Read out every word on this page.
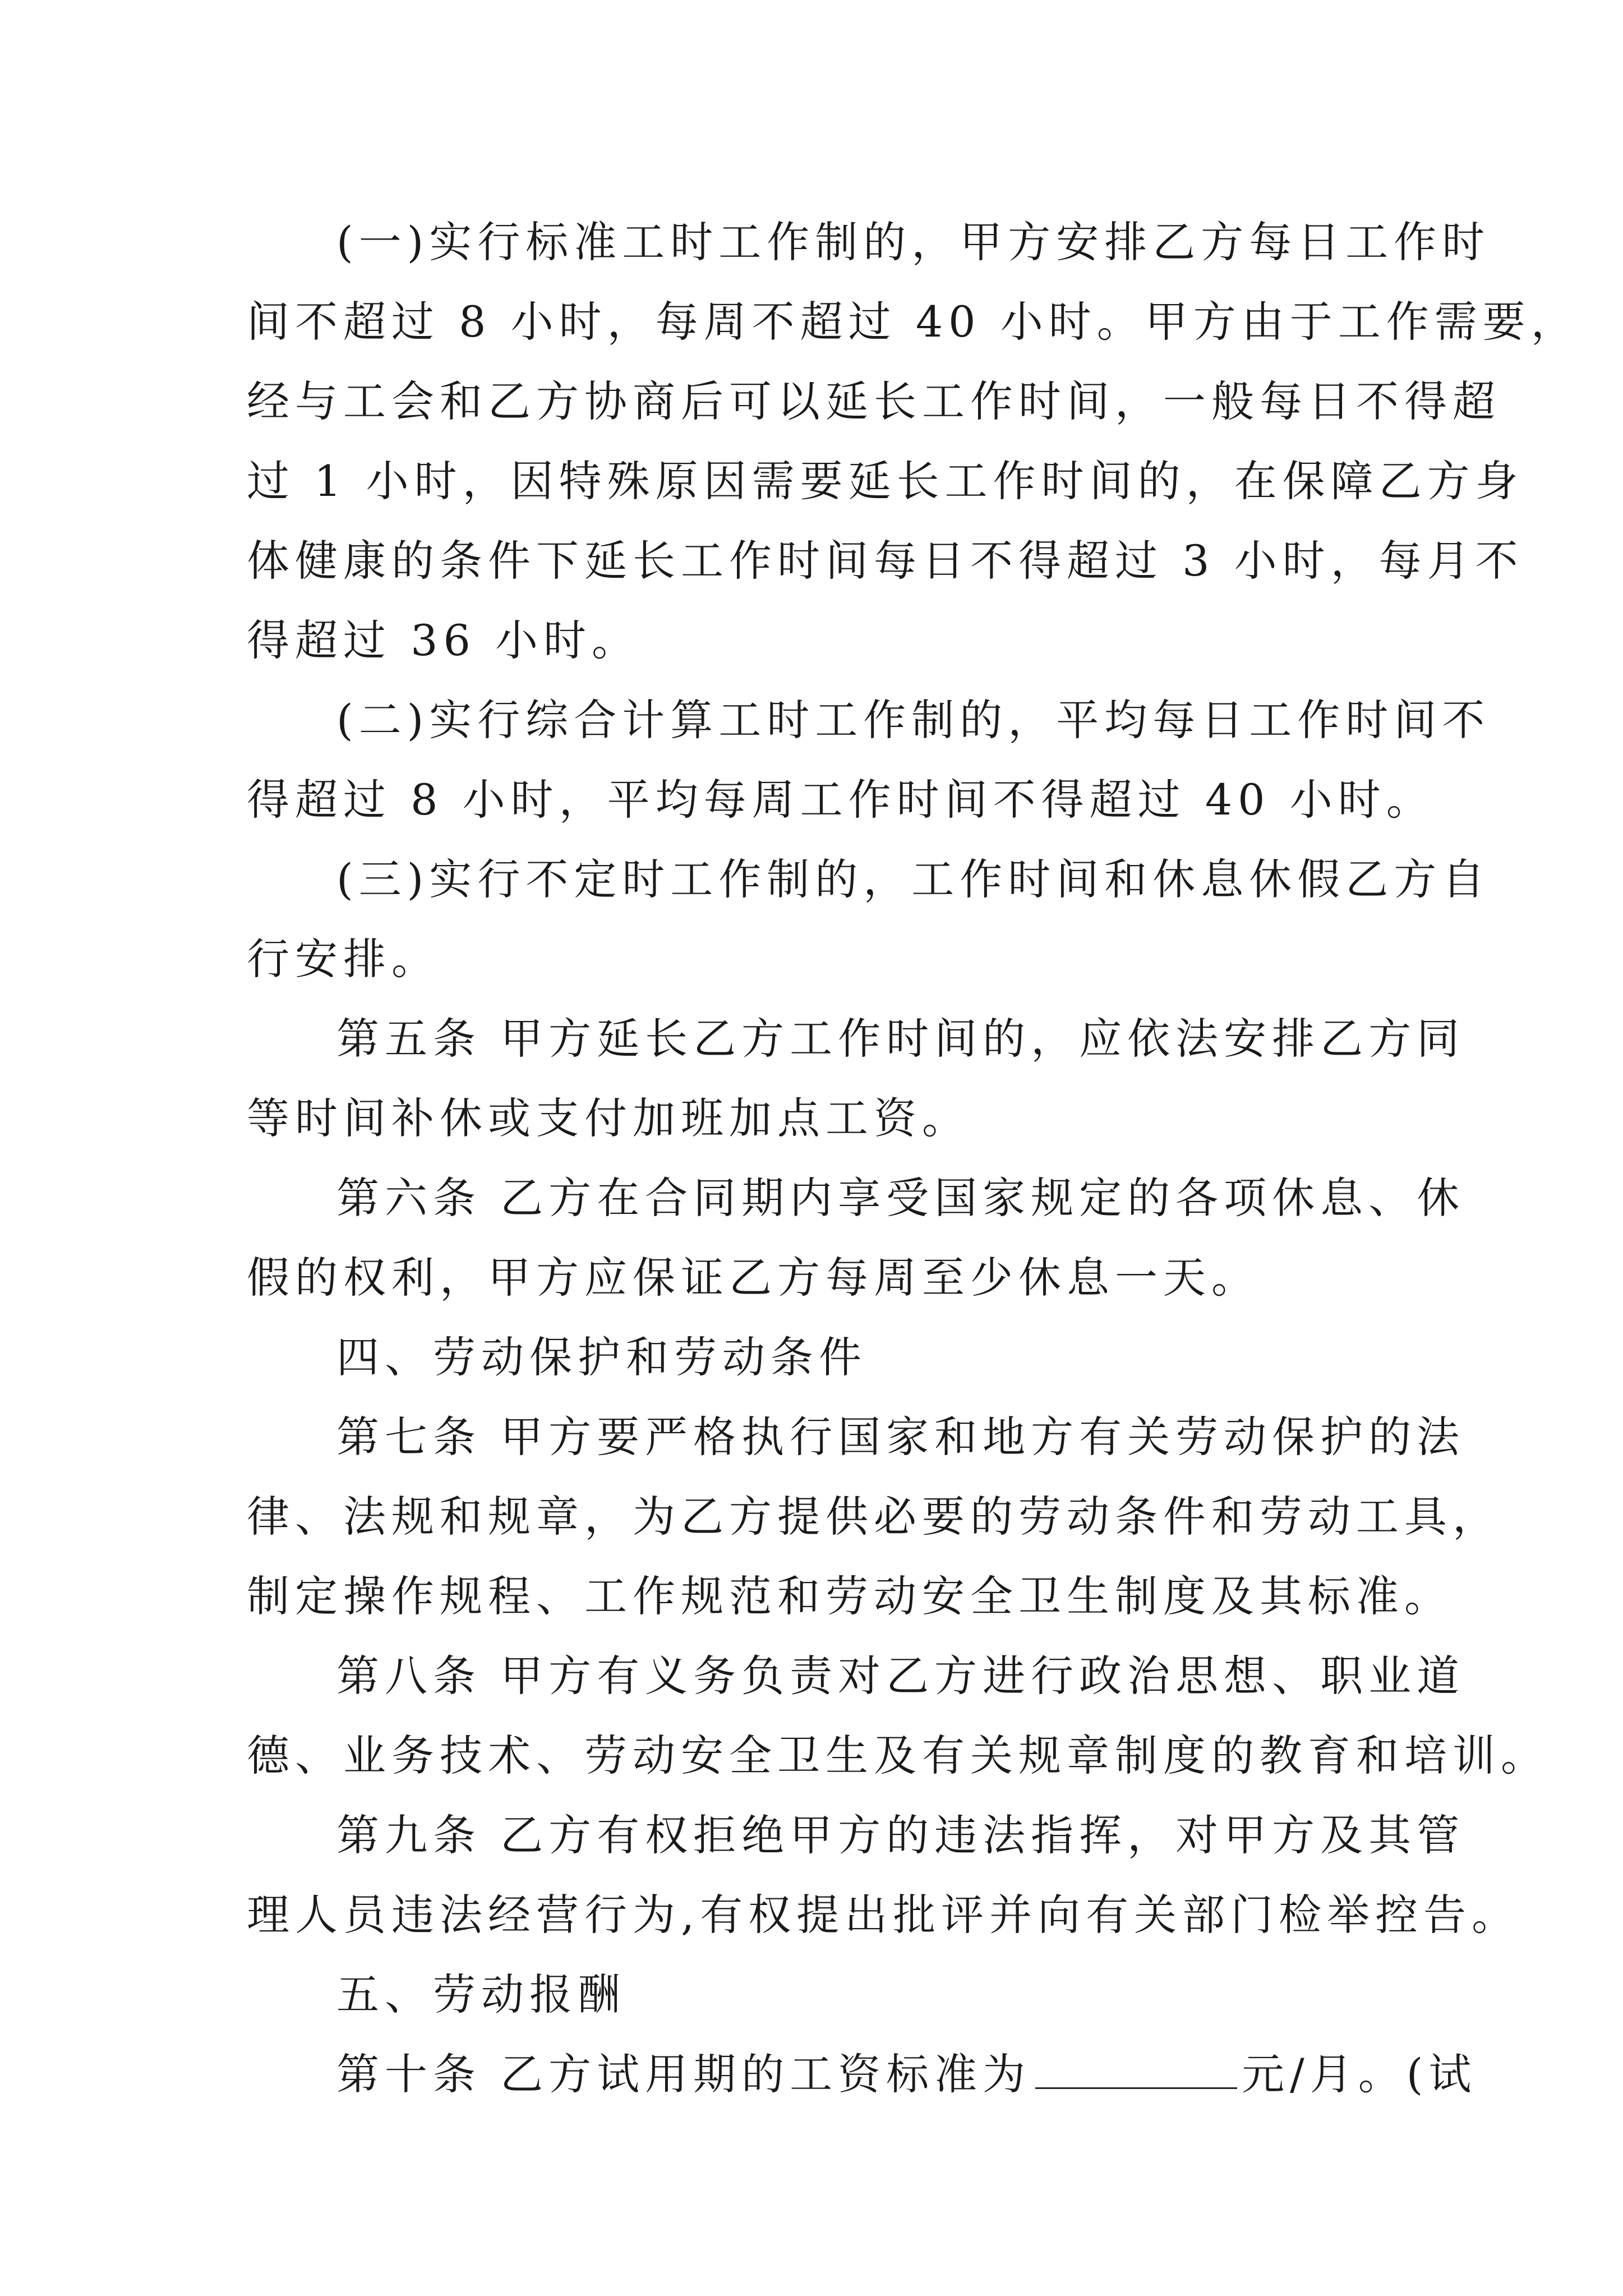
(一)实行标准工时工作制的，甲方安排乙方每日工作时
间不超过 8 小时，每周不超过 40 小时。甲方由于工作需要，
经与工会和乙方协商后可以延长工作时间，一般每日不得超
过 1 小时，因特殊原因需要延长工作时间的，在保障乙方身
体健康的条件下延长工作时间每日不得超过 3 小时，每月不
得超过 36 小时。
(二)实行综合计算工时工作制的，平均每日工作时间不
得超过 8 小时，平均每周工作时间不得超过 40 小时。
(三)实行不定时工作制的，工作时间和休息休假乙方自
行安排。
第五条 甲方延长乙方工作时间的，应依法安排乙方同
等时间补休或支付加班加点工资。
第六条 乙方在合同期内享受国家规定的各项休息、休
假的权利，甲方应保证乙方每周至少休息一天。
四、劳动保护和劳动条件
第七条 甲方要严格执行国家和地方有关劳动保护的法
律、法规和规章，为乙方提供必要的劳动条件和劳动工具，
制定操作规程、工作规范和劳动安全卫生制度及其标准。
第八条 甲方有义务负责对乙方进行政治思想、职业道
德、业务技术、劳动安全卫生及有关规章制度的教育和培训。
第九条 乙方有权拒绝甲方的违法指挥，对甲方及其管
理人员违法经营行为,有权提出批评并向有关部门检举控告。
五、劳动报酬
第十条 乙方试用期的工资标准为	元/月。(试
